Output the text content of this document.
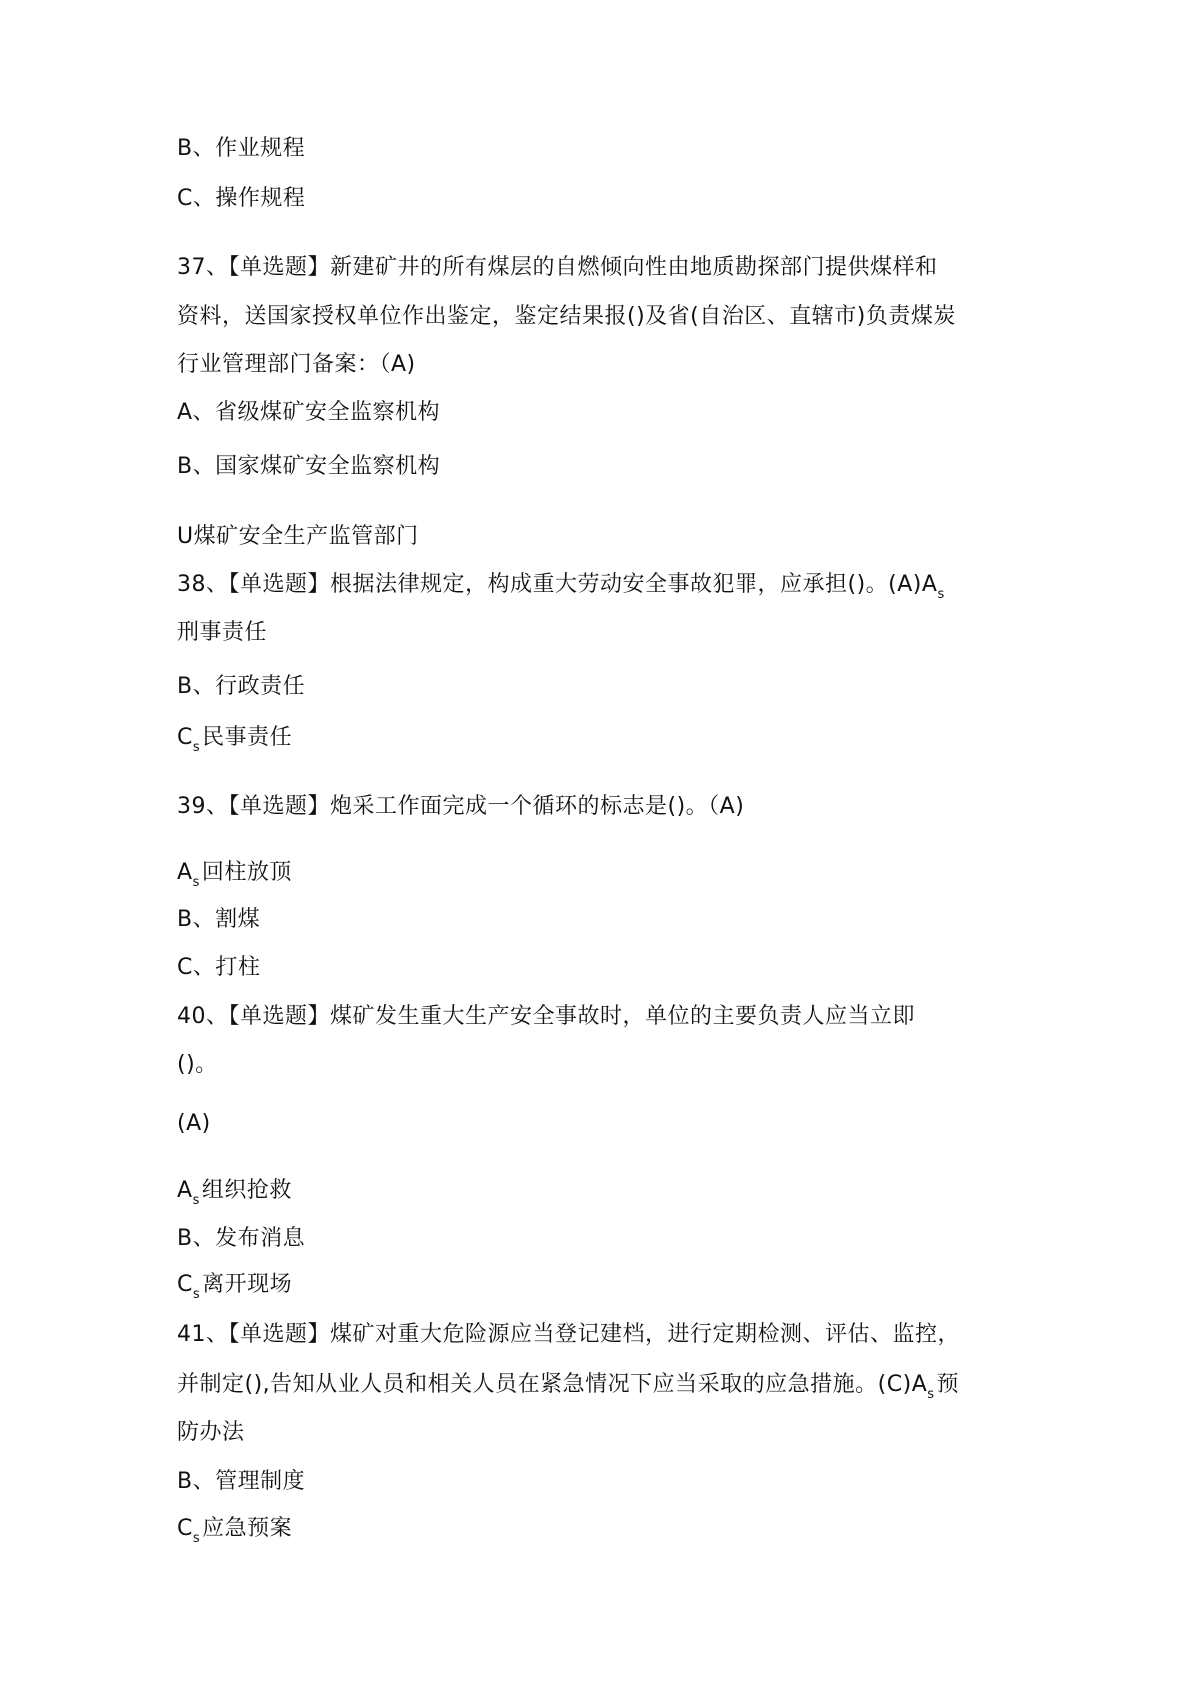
B、作业规程
C、操作规程
37、【单选题】新建矿井的所有煤层的自燃倾向性由地质勘探部门提供煤样和
资料，送国家授权单位作出鉴定，鉴定结果报()及省(自治区、直辖市)负责煤炭
行业管理部门备案：（A)
A、省级煤矿安全监察机构
B、国家煤矿安全监察机构
U煤矿安全生产监管部门
38、【单选题】根据法律规定，构成重大劳动安全事故犯罪，应承担()。$(A)A_s$
刑事责任
B、行政责任
$C_s$民事责任
39、【单选题】炮采工作面完成一个循环的标志是()。（A)
$A_s$回柱放顶
B、割煤
C、打柱
40、【单选题】煤矿发生重大生产安全事故时，单位的主要负责人应当立即
()。
(A)
$A_s$组织抢救
B、发布消息
$C_s$离开现场
41、【单选题】煤矿对重大危险源应当登记建档，进行定期检测、评估、监控，
并制定(),告知从业人员和相关人员在紧急情况下应当采取的应急措施。$(C)A_s$预
防办法
B、管理制度
$C_s$应急预案
